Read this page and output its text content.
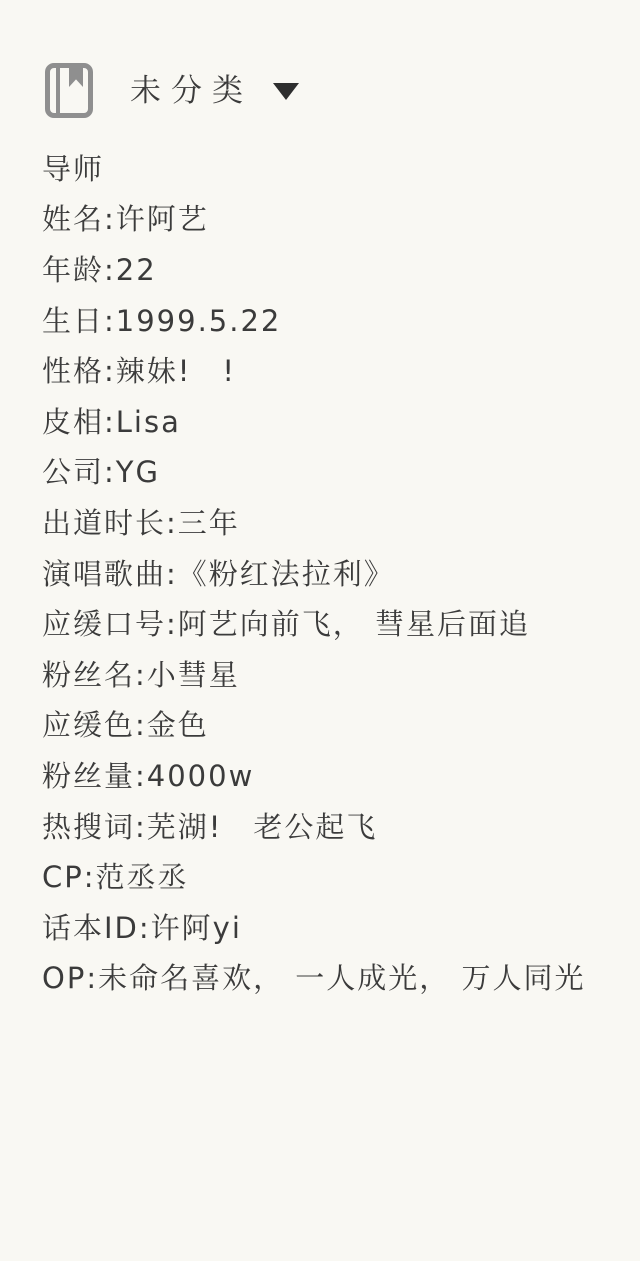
未分类
导师
姓名:许阿艺
年龄:22
生日:1999.5.22
性格:辣妹!　!
皮相:Lisa
公司:YG
出道时长:三年
演唱歌曲:《粉红法拉利》
应缓口号:阿艺向前飞， 彗星后面追
粉丝名:小彗星
应缓色:金色
粉丝量:4000w
热搜词:芜湖!　老公起飞
CP:范丞丞
话本ID:许阿yi
OP:未命名喜欢， 一人成光， 万人同光
